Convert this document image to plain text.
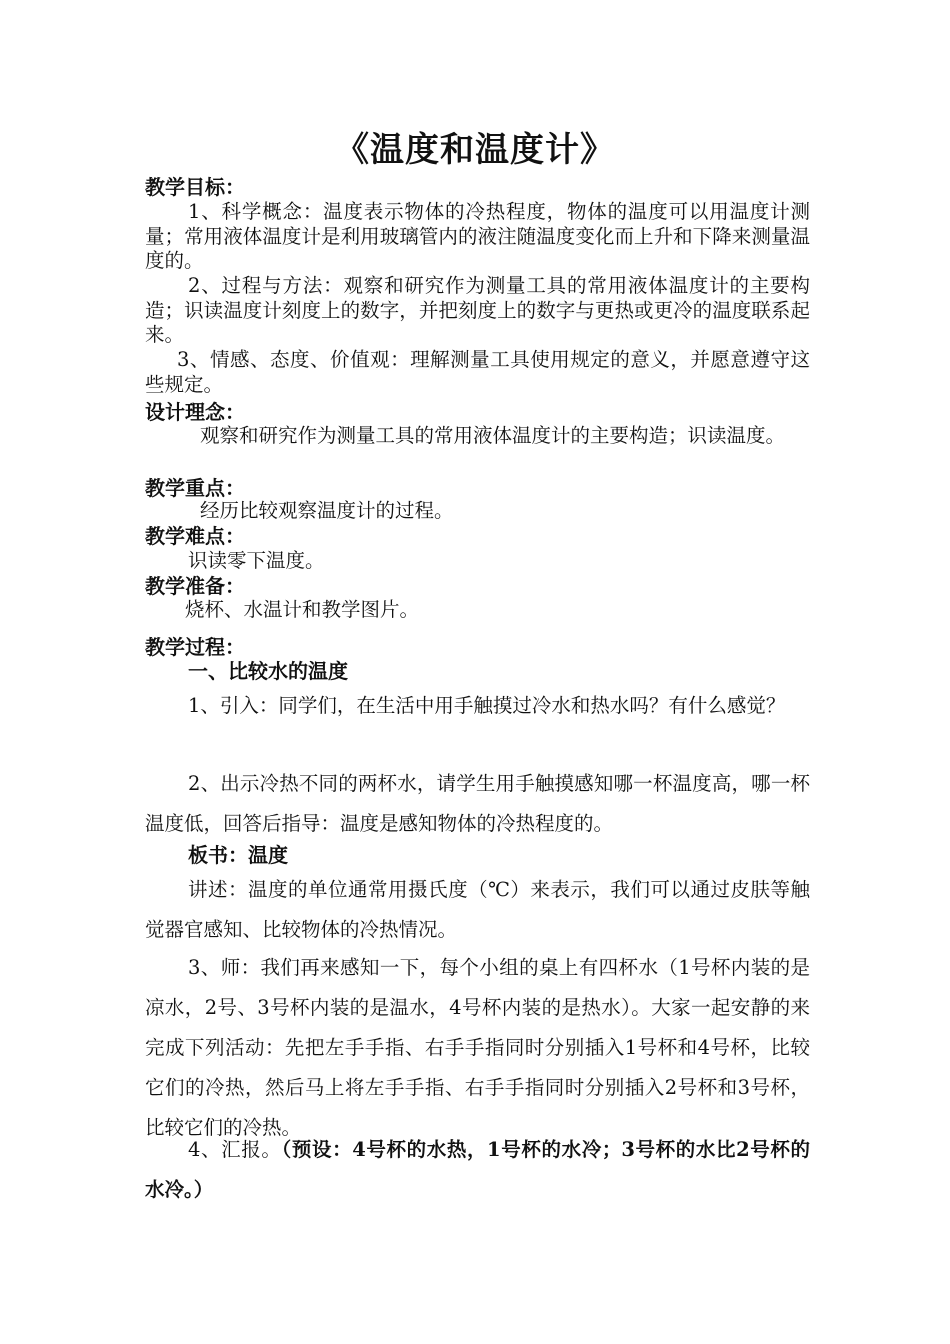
《温度和温度计》
教学目标：

1、科学概念：温度表示物体的冷热程度，物体的温度可以用温度计测量；常用液体温度计是利用玻璃管内的液注随温度变化而上升和下降来测量温度的。

2、过程与方法：观察和研究作为测量工具的常用液体温度计的主要构造；识读温度计刻度上的数字，并把刻度上的数字与更热或更冷的温度联系起来。

3、情感、态度、价值观：理解测量工具使用规定的意义，并愿意遵守这些规定。

设计理念：

观察和研究作为测量工具的常用液体温度计的主要构造；识读温度。

教学重点：

经历比较观察温度计的过程。

教学难点：

识读零下温度。

教学准备：

烧杯、水温计和教学图片。

教学过程：
一、比较水的温度

1、引入：同学们，在生活中用手触摸过冷水和热水吗？有什么感觉？

2、出示冷热不同的两杯水，请学生用手触摸感知哪一杯温度高，哪一杯温度低，回答后指导：温度是感知物体的冷热程度的。

板书：温度

讲述：温度的单位通常用摄氏度（℃）来表示，我们可以通过皮肤等触觉器官感知、比较物体的冷热情况。

3、师：我们再来感知一下，每个小组的桌上有四杯水（1号杯内装的是凉水，2号、3号杯内装的是温水，4号杯内装的是热水）。大家一起安静的来完成下列活动：先把左手手指、右手手指同时分别插入1号杯和4号杯，比较它们的冷热，然后马上将左手手指、右手手指同时分别插入2号杯和3号杯，比较它们的冷热。

4、汇报。（预设：4号杯的水热，1号杯的水冷；3号杯的水比2号杯的水冷。）
